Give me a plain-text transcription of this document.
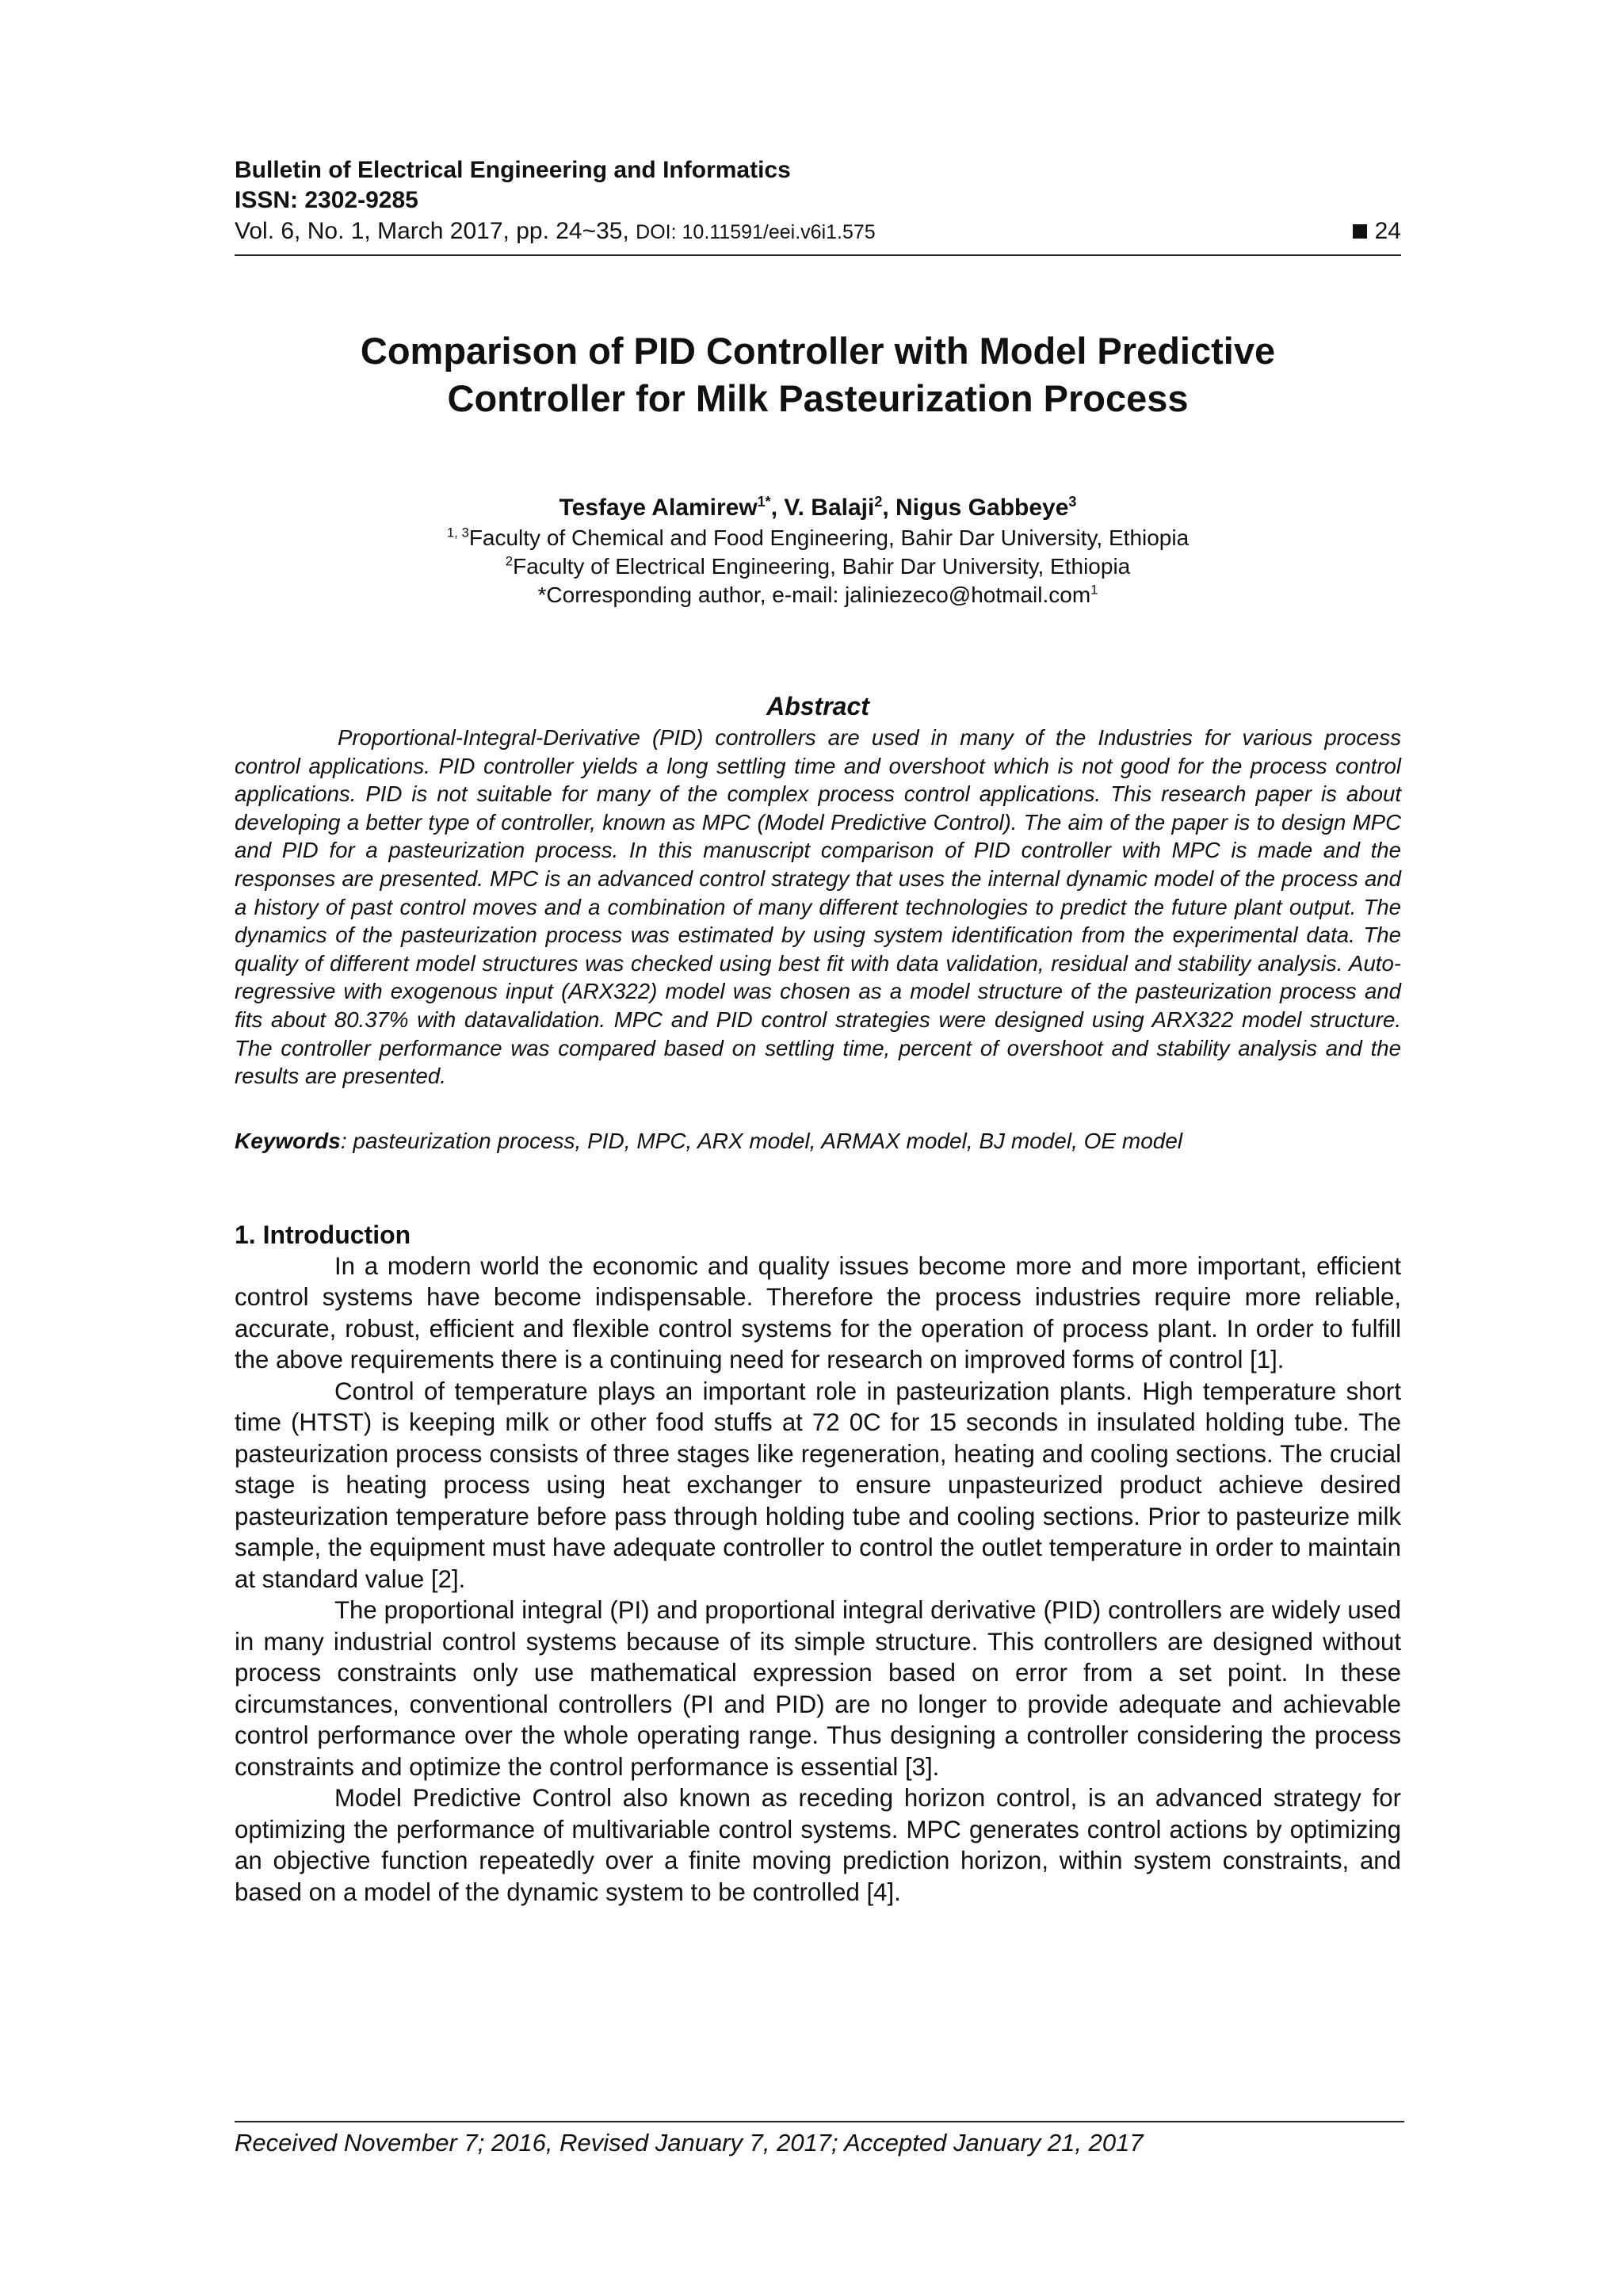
Bulletin of Electrical Engineering and Informatics
ISSN: 2302-9285
Vol. 6, No. 1, March 2017, pp. 24~35, DOI: 10.11591/eei.v6i1.575	24
Comparison of PID Controller with Model Predictive
Controller for Milk Pasteurization Process
Tesfaye Alamirew$^{1*}$, V. Balaji$^2$, Nigus Gabbeye$^3$
$^{1, 3}$Faculty of Chemical and Food Engineering, Bahir Dar University, Ethiopia
$^2$Faculty of Electrical Engineering, Bahir Dar University, Ethiopia
*Corresponding author, e-mail: jaliniezeco@hotmail.com$^1$
Abstract

Proportional-Integral-Derivative (PID) controllers are used in many of the Industries for various process control applications. PID controller yields a long settling time and overshoot which is not good for the process control applications. PID is not suitable for many of the complex process control applications. This research paper is about developing a better type of controller, known as MPC (Model Predictive Control). The aim of the paper is to design MPC and PID for a pasteurization process. In this manuscript comparison of PID controller with MPC is made and the responses are presented. MPC is an advanced control strategy that uses the internal dynamic model of the process and a history of past control moves and a combination of many different technologies to predict the future plant output. The dynamics of the pasteurization process was estimated by using system identification from the experimental data. The quality of different model structures was checked using best fit with data validation, residual and stability analysis. Auto-regressive with exogenous input (ARX322) model was chosen as a model structure of the pasteurization process and fits about 80.37% with datavalidation. MPC and PID control strategies were designed using ARX322 model structure. The controller performance was compared based on settling time, percent of overshoot and stability analysis and the results are presented.

Keywords: pasteurization process, PID, MPC, ARX model, ARMAX model, BJ model, OE model
1. Introduction

In a modern world the economic and quality issues become more and more important, efficient control systems have become indispensable. Therefore the process industries require more reliable, accurate, robust, efficient and flexible control systems for the operation of process plant. In order to fulfill the above requirements there is a continuing need for research on improved forms of control [1].

Control of temperature plays an important role in pasteurization plants. High temperature short time (HTST) is keeping milk or other food stuffs at 72 0C for 15 seconds in insulated holding tube. The pasteurization process consists of three stages like regeneration, heating and cooling sections. The crucial stage is heating process using heat exchanger to ensure unpasteurized product achieve desired pasteurization temperature before pass through holding tube and cooling sections. Prior to pasteurize milk sample, the equipment must have adequate controller to control the outlet temperature in order to maintain at standard value [2].

The proportional integral (PI) and proportional integral derivative (PID) controllers are widely used in many industrial control systems because of its simple structure. This controllers are designed without process constraints only use mathematical expression based on error from a set point. In these circumstances, conventional controllers (PI and PID) are no longer to provide adequate and achievable control performance over the whole operating range. Thus designing a controller considering the process constraints and optimize the control performance is essential [3].

Model Predictive Control also known as receding horizon control, is an advanced strategy for optimizing the performance of multivariable control systems. MPC generates control actions by optimizing an objective function repeatedly over a finite moving prediction horizon, within system constraints, and based on a model of the dynamic system to be controlled [4].

Received November 7; 2016, Revised January 7, 2017; Accepted January 21, 2017
